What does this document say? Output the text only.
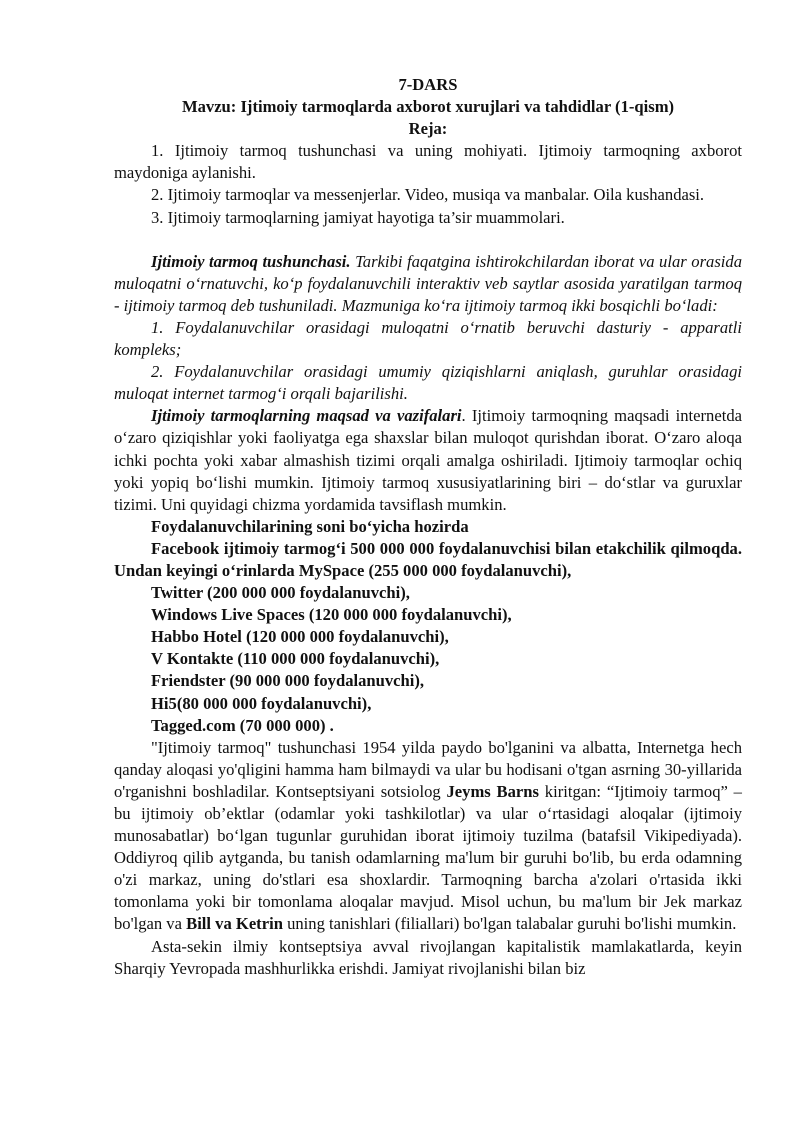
7-DARS

Mavzu: Ijtimoiy tarmoqlarda axborot xurujlari va tahdidlar (1-qism)

Reja:

1. Ijtimoiy tarmoq tushunchasi va uning mohiyati. Ijtimoiy tarmoqning axborot maydoniga aylanishi.

2. Ijtimoiy tarmoqlar va messenjerlar. Video, musiqa va manbalar. Oila kushandasi.

3. Ijtimoiy tarmoqlarning jamiyat hayotiga ta’sir muammolari.

Ijtimoiy tarmoq tushunchasi. Tarkibi faqatgina ishtirokchilardan iborat va ular orasida muloqatni o‘rnatuvchi, ko‘p foydalanuvchili interaktiv veb saytlar asosida yaratilgan tarmoq - ijtimoiy tarmoq deb tushuniladi. Mazmuniga ko‘ra ijtimoiy tarmoq ikki bosqichli bo‘ladi:

1. Foydalanuvchilar orasidagi muloqatni o‘rnatib beruvchi dasturiy - apparatli kompleks;

2. Foydalanuvchilar orasidagi umumiy qiziqishlarni aniqlash, guruhlar orasidagi muloqat internet tarmog‘i orqali bajarilishi.

Ijtimoiy tarmoqlarning maqsad va vazifalari. Ijtimoiy tarmoqning maqsadi internetda o‘zaro qiziqishlar yoki faoliyatga ega shaxslar bilan muloqot qurishdan iborat. O‘zaro aloqa ichki pochta yoki xabar almashish tizimi orqali amalga oshiriladi. Ijtimoiy tarmoqlar ochiq yoki yopiq bo‘lishi mumkin. Ijtimoiy tarmoq xususiyatlarining biri – do‘stlar va guruxlar tizimi. Uni quyidagi chizma yordamida tavsiflash mumkin.

Foydalanuvchilarining soni bo‘yicha hozirda

Facebook ijtimoiy tarmog‘i 500 000 000 foydalanuvchisi bilan etakchilik qilmoqda. Undan keyingi o‘rinlarda MySpace (255 000 000 foydalanuvchi),

Twitter (200 000 000 foydalanuvchi),

Windows Live Spaces (120 000 000 foydalanuvchi),

Habbo Hotel (120 000 000 foydalanuvchi),

V Kontakte (110 000 000 foydalanuvchi),

Friendster (90 000 000 foydalanuvchi),

Hi5(80 000 000 foydalanuvchi),

Tagged.com (70 000 000) .

"Ijtimoiy tarmoq" tushunchasi 1954 yilda paydo bo'lganini va albatta, Internetga hech qanday aloqasi yo'qligini hamma ham bilmaydi va ular bu hodisani o'tgan asrning 30-yillarida o'rganishni boshladilar. Kontseptsiyani sotsiolog Jeyms Barns kiritgan: “Ijtimoiy tarmoq” – bu ijtimoiy ob’ektlar (odamlar yoki tashkilotlar) va ular o‘rtasidagi aloqalar (ijtimoiy munosabatlar) bo‘lgan tugunlar guruhidan iborat ijtimoiy tuzilma (batafsil Vikipediyada). Oddiyroq qilib aytganda, bu tanish odamlarning ma'lum bir guruhi bo'lib, bu erda odamning o'zi markaz, uning do'stlari esa shoxlardir. Tarmoqning barcha a'zolari o'rtasida ikki tomonlama yoki bir tomonlama aloqalar mavjud. Misol uchun, bu ma'lum bir Jek markaz bo'lgan va Bill va Ketrin uning tanishlari (filiallari) bo'lgan talabalar guruhi bo'lishi mumkin.

Asta-sekin ilmiy kontseptsiya avval rivojlangan kapitalistik mamlakatlarda, keyin Sharqiy Yevropada mashhurlikka erishdi. Jamiyat rivojlanishi bilan biz
